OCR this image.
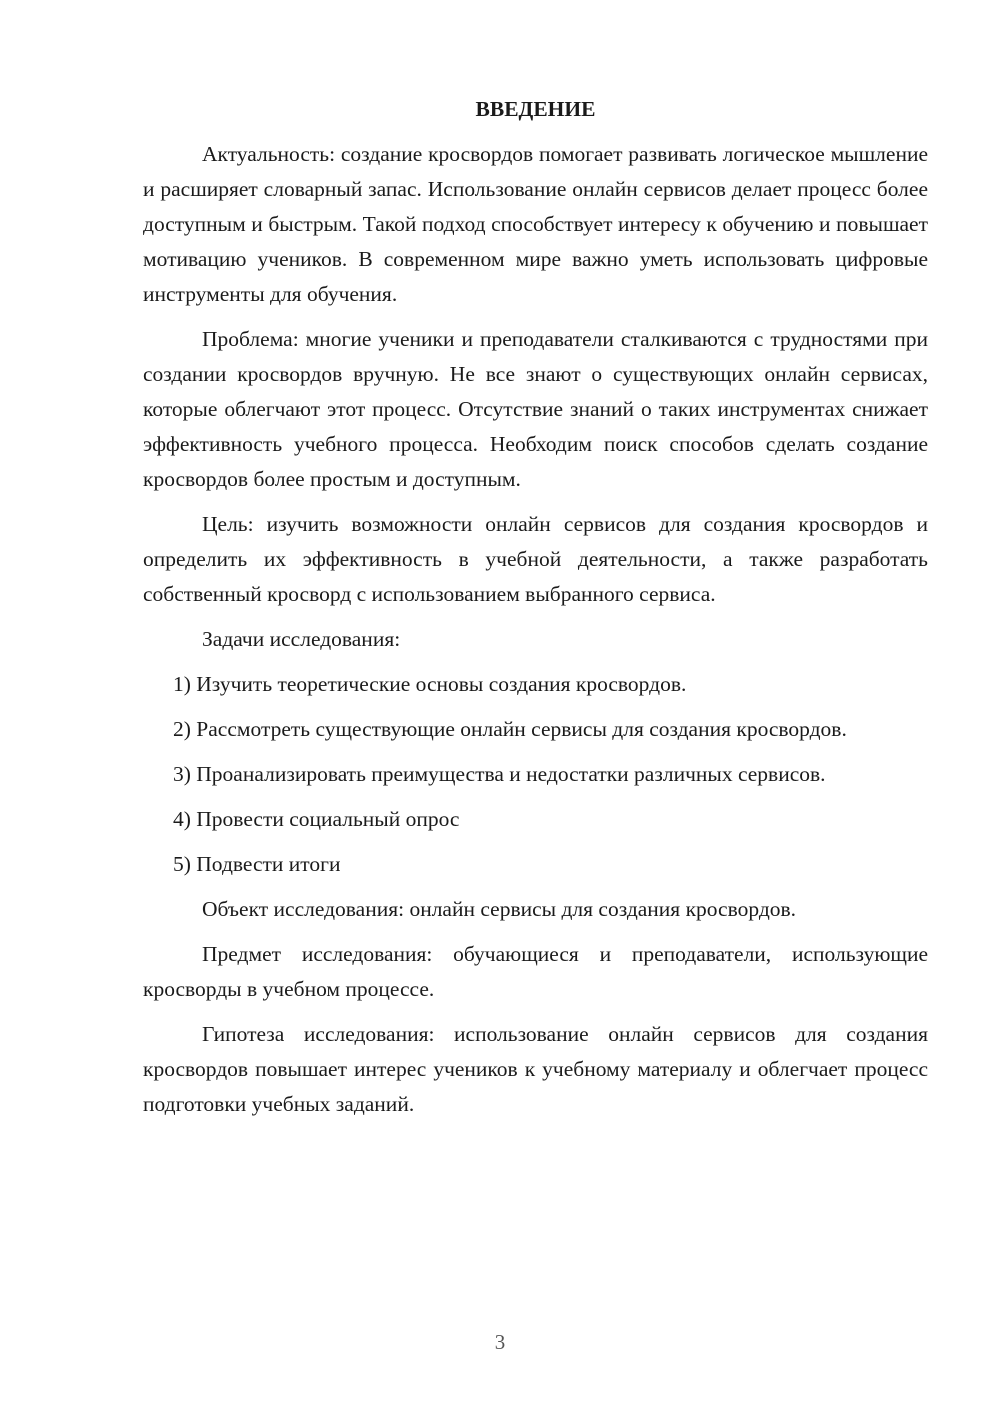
ВВЕДЕНИЕ

Актуальность: создание кросвордов помогает развивать логическое мышление и расширяет словарный запас. Использование онлайн сервисов делает процесс более доступным и быстрым. Такой подход способствует интересу к обучению и повышает мотивацию учеников. В современном мире важно уметь использовать цифровые инструменты для обучения.

Проблема: многие ученики и преподаватели сталкиваются с трудностями при создании кросвордов вручную. Не все знают о существующих онлайн сервисах, которые облегчают этот процесс. Отсутствие знаний о таких инструментах снижает эффективность учебного процесса. Необходим поиск способов сделать создание кросвордов более простым и доступным.

Цель: изучить возможности онлайн сервисов для создания кросвордов и определить их эффективность в учебной деятельности, а также разработать собственный кросворд с использованием выбранного сервиса.

Задачи исследования:

1) Изучить теоретические основы создания кросвордов.

2) Рассмотреть существующие онлайн сервисы для создания кросвордов.

3) Проанализировать преимущества и недостатки различных сервисов.

4) Провести социальный опрос

5) Подвести итоги

Объект исследования: онлайн сервисы для создания кросвордов.

Предмет исследования: обучающиеся и преподаватели, использующие кросворды в учебном процессе.

Гипотеза исследования: использование онлайн сервисов для создания кросвордов повышает интерес учеников к учебному материалу и облегчает процесс подготовки учебных заданий.

3
